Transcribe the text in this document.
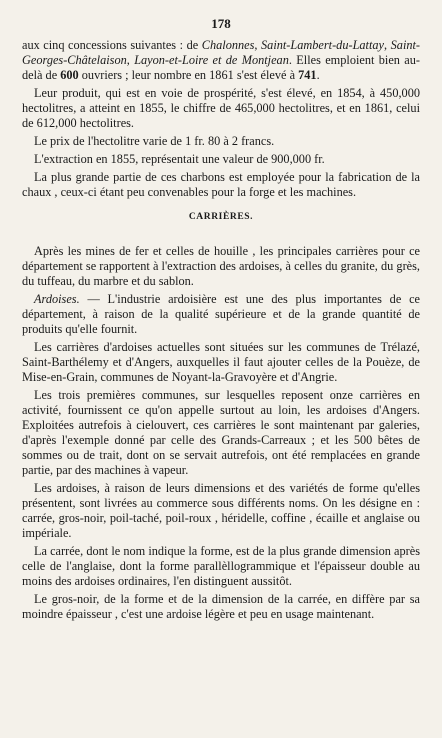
178

aux cinq concessions suivantes : de Chalonnes, Saint-Lambert-du-Lattay, Saint-Georges-Châtelaison, Layon-et-Loire et de Montjean. Elles emploient bien au-delà de 600 ouvriers ; leur nombre en 1861 s'est élevé à 741.

Leur produit, qui est en voie de prospérité, s'est élevé, en 1854, à 450,000 hectolitres, a atteint en 1855, le chiffre de 465,000 hectolitres, et en 1861, celui de 612,000 hectolitres.

Le prix de l'hectolitre varie de 1 fr. 80 à 2 francs.

L'extraction en 1855, représentait une valeur de 900,000 fr.

La plus grande partie de ces charbons est employée pour la fabrication de la chaux , ceux-ci étant peu convenables pour la forge et les machines.

CARRIÈRES.

Après les mines de fer et celles de houille , les principales carrières pour ce département se rapportent à l'extraction des ardoises, à celles du granite, du grès, du tuffeau, du marbre et du sablon.

Ardoises. — L'industrie ardoisière est une des plus importantes de ce département, à raison de la qualité supérieure et de la grande quantité de produits qu'elle fournit.

Les carrières d'ardoises actuelles sont situées sur les communes de Trélazé, Saint-Barthélemy et d'Angers, auxquelles il faut ajouter celles de la Pouèze, de Mise-en-Grain, communes de Noyant-la-Gravoyère et d'Angrie.

Les trois premières communes, sur lesquelles reposent onze carrières en activité, fournissent ce qu'on appelle surtout au loin, les ardoises d'Angers. Exploitées autrefois à cielouvert, ces carrières le sont maintenant par galeries, d'après l'exemple donné par celle des Grands-Carreaux ; et les 500 bêtes de sommes ou de trait, dont on se servait autrefois, ont été remplacées en grande partie, par des machines à vapeur.

Les ardoises, à raison de leurs dimensions et des variétés de forme qu'elles présentent, sont livrées au commerce sous différents noms. On les désigne en : carrée, gros-noir, poil-taché, poil-roux , héridelle, coffine , écaille et anglaise ou impériale.

La carrée, dont le nom indique la forme, est de la plus grande dimension après celle de l'anglaise, dont la forme parallèllogrammique et l'épaisseur double au moins des ardoises ordinaires, l'en distinguent aussitôt.

Le gros-noir, de la forme et de la dimension de la carrée, en diffère par sa moindre épaisseur , c'est une ardoise légère et peu en usage maintenant.
